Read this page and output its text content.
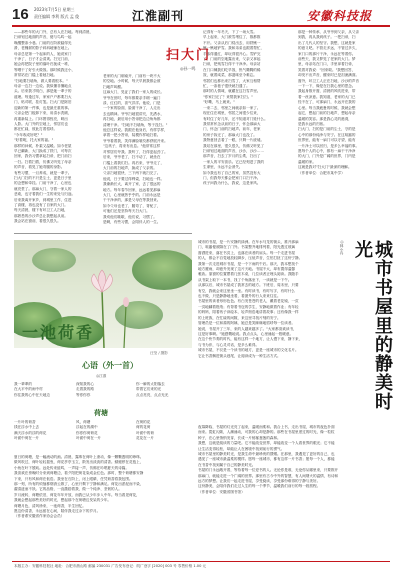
16 2023年7月5日 星期三
责任编辑 李利 版式 孟 俊	江淮副刊	安徽科技报
——那些年的大门外，总有人在扫地。每到清晨，
扫帚划过地面的声音，便与鸟鸣一起
唤醒整条小巷。门前的石阶被踏得光
滑，老槐树的影子斜斜地铺在地上。
母亲总是第一个起床的人，她说家门
干净了，日子才会清爽。扫完门前，
她会再把院子里的落叶归拢成一堆，
等晒干了好引火做饭。那时候我还小，
常常站在门槛上看她扫地。
"扫地要扫墙角，做人要看根本。"
母亲一边扫一边说。我似懂非懂地点
头。后来我才明白，那是她一辈子的
道理。每逢过年，家家户户都要扫大
门，贴对联，挂灯笼。扫大门是除旧
迎新的第一件事，也是最庄重的事。
父亲会把门板卸下来，用清水洗刷，
再重新装上。门环擦得锃亮，映出
人影。大门外的空地上，邻居们也
都在忙碌，彼此打着招呼。
"今年收成好吧？"
"好着呢，托大家的福。"
那样的问候，朴素又温暖。如今老屋
早已翻新，大门换成了铁门，可每次
回家，我仍习惯拿起扫帚，把门前扫
一扫。扫着扫着，仿佛又听见了母亲
的声音，看见了她弯腰的身影。
有些习惯，一旦养成，就是一辈子。
扫大门扫的不只是尘土，更是日子里
的念想和牵挂。门前干净了，心里也
就亮堂了。那扇大门，守着一家人的
悲欢，也守着我们一生的来处与归途。
后来我离开家乡，到城里工作，住进
了高楼，再也没有了自家的大门。
每天清晨，楼下有环卫工人扫地，
那熟悉的沙沙声总让我想起从前。
我会站在窗前，看很久很久。
扫大门
◎孙一鸣
老家的大门朝南开，门前有一块不大
的空地。小时候，每天早晨我都会被
扫地声叫醒。
这扇大门，见证了我们一家人的成长。
爷爷在世时，每年都要亲手刷一遍门
漆，红红的，喜气洋洋。他说，门是
一个家的脸面，脸面干净了，人走出
去也精神。爷爷扫地很讲究，先洒水，
再扫地，最后用小笤帚把边边角角都
清理干净。"扫地不扫墙角，等于没扫。"
他总这样说。我跟在他身后，有样学样，
拿着一把小笤帚，装模作样地扫着。
爷爷看着我，笑得满脸皱纹都舒展开来。
"这孩子，将来有出息。"他常常这样
对邻居们夸我。我听了，扫得更起劲了。
后来，爷爷老了，扫不动了，就坐在
门槛上看我们扫。再后来，爷爷走了，
大门前的扫地声，换成了父亲的。
父亲扫地很快，三下两下就扫完了。
他说，日子要过得利索，扫地也一样。
我渐渐长大，离开了家，去了很远的
地方。每年春节回家，远远看见那扇
大门，心里就热乎乎的。门前永远是
干干净净的，那是父母在等我回来。
如今父母也老了，腰弯了，背驼了，
可他们还是坚持每天扫大门。
我劝他们歇歇，他们说，习惯了。
是啊，有些习惯，会陪伴人的一生。
记得有一年冬天，下了一场大雪。
早上起来，大门被雪堵住了，推都推
不开。父亲从后门绕出去，用铁锹一
锹一锹地铲雪。我和弟弟也跟着帮忙，
手冻得通红，却玩得很开心。雪铲完
了，门前的空地露出来，父亲又拿起
扫帚，把残雪扫得干干净净。母亲站
在门口喊我们吃早饭，热气腾腾的稀
饭，就着咸菜，那滋味至今难忘。
邻居们也都出来扫雪了，大家互相帮
忙，一条巷子很快就扫通了。
那时的人情味，就藏在这扫雪声里。
"你家扫完了？来帮我家扫扫。"
"好嘞，马上就来。"
一来二去，邻里之间就亲如一家了。
现在住在城里，邻居之间很少往来，
有时住了好几年，还不知道对门姓什么。
我常常怀念从前的日子，怀念那扇大
门，怀念门前的扫地声。前年，老家
的房子拆迁了，那扇大门也没了。
我特意回去看了一眼，只剩一片废墟。
我站在那里，很久很久，仿佛又听见了
扫帚划过地面的声音，沙沙，沙沙……
那声音，扫去了岁月的尘埃，扫出了
一家人的平安喜乐。它已经刻进了我的
生命里，永远不会消失。
如今我也有了自己的家，虽然没有大
门，但我每天都会把家门口扫干净。
孩子问我为什么，我说，这是家风。
那是一种传承，从爷爷到父亲，从父亲
到我，再从我到孩子。一把扫帚，扫
出了几代人的坚守。我想，这就是家
的意义吧。不管走多远，不管过多久，
家门口的那片干净，永远在等着你。
前些天，我又梦见了老家的大门。梦
里，母亲站在门口，手里拿着扫帚，
笑着对我说："回来啦。"我想回答，
却发不出声音，醒来时已是泪流满面。
窗外，环卫工人正在扫地，沙沙的声音
一下一下，像是在扫我心里的思念。
我起身推开窗，清晨的风吹进来，带
着一丝凉意。我知道，老家的大门已
经不在了，可那扇门，永远开在我的
心里。每当我疲惫的时候，我就会想
起它，想起门前的扫地声，想起母亲
温暖的笑容。那是我心灵的港湾，
是我永远的归宿。
扫大门，扫的是门前的尘土，守的是
心中的那份纯净与安宁。在这喧嚣的
世界里，能有一扇门可以守望，能有
一片净土可以回归，是多么幸福的事。
愿每个人的心中，都有一扇干干净净
的大门，门外是广阔的世界，门内是
温暖的家。
这就是我对"扫大门"最深的理解。
（作者单位：合肥市某中学）
一池荷香
汪莹 / 摄影
心语（外一首）
◎江淮
我一辈辈的
在大平中的雨中村
你住我的心中在天地边
深知我的心
走着我的路
等你你你
你一瞬的太阳落去
带着它们来的光
点点亮亮，点点光光
荷塘
一片叶的荷香
钱在浮水中上去
满天浮水的浮的荷花
叶面中荷在一片
风，荷塘
浮起在的湖中
你你你荷荷花
叶面中荷在一片
在荷的花
荷的花荷
叶面中的荷
花花在一片
夏日的荷塘，是一幅流动的画。清晨，露珠在荷叶上滚动，像一颗颗透明的珍珠。
微风吹过，荷叶轻轻摇曳，荷花亭亭玉立，散发出淡淡的清香。蜻蜓停在花苞上，
小鱼在叶下嬉戏。远处传来蛙鸣，一声接一声，仿佛在吟唱夏天的诗篇。
我喜欢在傍晚时分来到荷塘边，看夕阳把荷花染成金红色。那时，整个荷塘都安静
下来，只有风和荷在低语。我坐在石阶上，闭上眼睛，任凭荷香将我包围。
那一刻，所有的烦恼都烟消云散了，心里只剩下宁静和满足。荷花出淤泥而不染，
濯清涟而不妖。它的品格，一直激励着我，做一个纯净、坚韧的人。
岁月流转，荷塘依旧，荷花年年开放，而我已从少年步入中年。每当看见荷花，
我就会想起那些美好的时光，想起那个在荷塘边发呆的少年。
荷塘月色，清风徐来，一池荷香，半生回忆。
愿这份清香，永远留在心间，陪伴我走过余下的岁月。
（作者系安徽省作家协会会员）
城市书屋里的静美时光
◎林小丹
城市的书屋，是一片安静的绿洲。在车水马龙的街头，推开那扇
门，喧嚣便被隔在了门外。书架整齐地排列着，阳光透过玻璃
窗洒进来，落在书页上，也落在读者的肩头。每一个走进书屋
的人，都会不自觉地放轻脚步，压低声音，生怕打扰了这份宁静。
我第一次走进城市书屋，是一个下雨的午后。那天，我本想找个
地方避雨，却意外发现了这片天地。书屋不大，却布置得温馨
雅致。靠窗的位置摆着几张木桌，几位读者正埋头阅读。我随手
从书架上取下一本书，找了个角落坐下，一读就是一下午。
从那以后，城市书屋成了我常去的地方。下班后，周末里，只要
有空，我就会来这里坐一坐。有时读书，有时写字，有时什么
也不做，只是静静地坐着，看窗外的行人来来往往。
书屋里的读者形形色色。有白发苍苍的老人，戴着老花镜，一页
一页地翻着报纸；有背着书包的学生，安静地做着作业；有年轻
的妈妈，陪着孩子读绘本，轻声细语地讲着故事；还有像我一样
的上班族，在忙碌的间隙，来这里寻找片刻的安宁。
管理员是一位和蔼的阿姨，她总是笑眯眯地招呼每一位读者。
她说，书屋开了三年，来的人越来越多了。"大家都喜欢读书，
这是好事啊。"她感慨地说。我点点头，心里涌起一股暖意。
在这个快节奏的时代，能有这样一个地方，让人慢下来，静下来，
与书为伴，与心灵对话，是多么难得。
城市书屋，不仅是一个读书的地方，更是一座城市的文化名片。
它让书香飘进街头巷尾，让阅读成为一种生活方式。
夜幕降临，书屋的灯光亮了起来，温暖而柔和。我合上书，走出书屋，城市的夜色扑面
而来。霓虹闪烁，人潮涌动，可我的心却是静的。那些在书屋里度过的时光，像一粒粒
种子，在心里悄悄发芽，长成一片郁郁葱葱的森林。
我想，这就是阅读的力量吧。它不能改变世界，却能改变一个人看世界的眼光；它不能
让生活变得轻松，却能让人在困境中找到前行的勇气。
城市书屋里的静美时光，是我生命中最珍贵的馈赠。在那里，我遇见了更好的自己，也
遇见了一座城市最温柔的模样。愿每一座城市，都有这样一片书香；愿每一个人，都能
在书香中找到属于自己的静美时光。
书屋的门永远敞开着，等待着每一位爱书的人。无论你是谁，无论你从哪里来，只要推开
那扇门，就能走进一个广阔的世界。那里有古今中外的智慧，有人间烟火的温情，有诗和
远方的梦想。让我们一起走进书屋，享受阅读，享受那份难得的宁静与美好。
这份静美，会陪伴我们走过人生的每一个季节，温暖我们前行的每一段旅程。
（作者单位：安徽省图书馆）
本版主办：安徽科技报社 地址：合肥市潜山路 邮编 230031 广告发布登记：皖广登字 [2020] 003 号 零售价格 1.00 元
